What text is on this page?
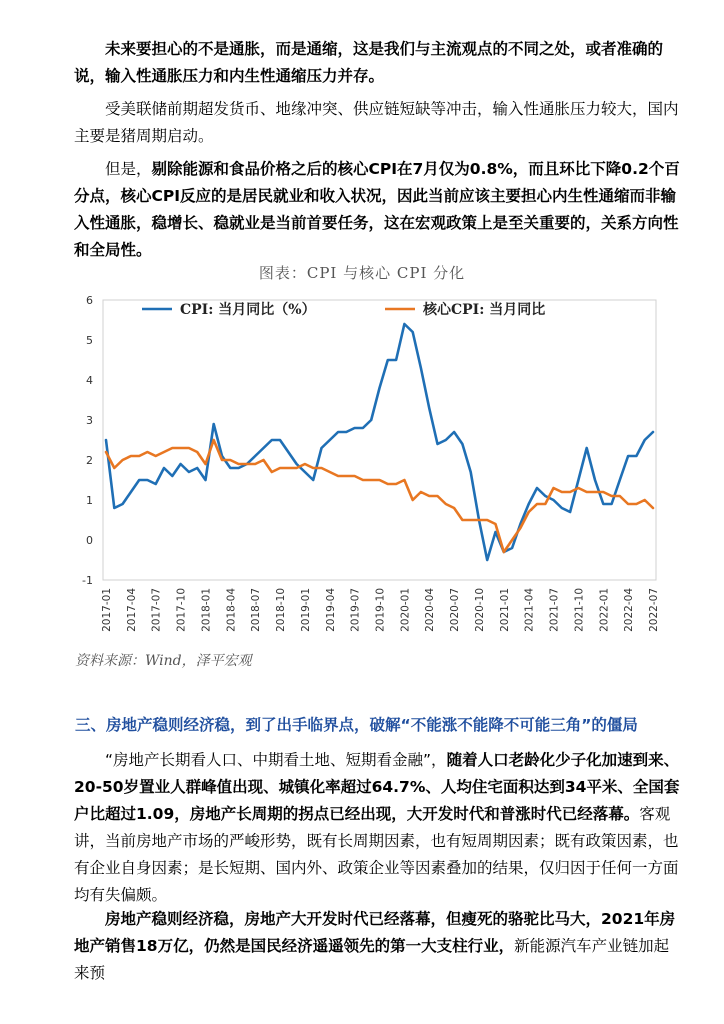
未来要担心的不是通胀，而是通缩，这是我们与主流观点的不同之处，或者准确的说，输入性通胀压力和内生性通缩压力并存。

受美联储前期超发货币、地缘冲突、供应链短缺等冲击，输入性通胀压力较大，国内主要是猪周期启动。

但是，剔除能源和食品价格之后的核心CPI在7月仅为0.8%，而且环比下降0.2个百分点，核心CPI反应的是居民就业和收入状况，因此当前应该主要担心内生性通缩而非输入性通胀，稳增长、稳就业是当前首要任务，这在宏观政策上是至关重要的，关系方向性和全局性。

图表：CPI 与核心 CPI 分化
-1
0
1
2
3
4
5
6
2017-01 2017-04 2017-07 2017-10 2018-01 2018-04 2018-07 2018-10 2019-01 2019-04 2019-07 2019-10 2020-01 2020-04 2020-07 2020-10 2021-01 2021-04 2021-07 2021-10 2022-01 2022-04 2022-07
CPI: 当月同比（%）	核心CPI: 当月同比
资料来源：Wind，泽平宏观
三、房地产稳则经济稳，到了出手临界点，破解“不能涨不能降不可能三角”的僵局

“房地产长期看人口、中期看土地、短期看金融”，随着人口老龄化少子化加速到来、20-50岁置业人群峰值出现、城镇化率超过64.7%、人均住宅面积达到34平米、全国套户比超过1.09，房地产长周期的拐点已经出现，大开发时代和普涨时代已经落幕。客观讲，当前房地产市场的严峻形势，既有长周期因素，也有短周期因素；既有政策因素，也有企业自身因素；是长短期、国内外、政策企业等因素叠加的结果，仅归因于任何一方面均有失偏颇。

房地产稳则经济稳，房地产大开发时代已经落幕，但瘦死的骆驼比马大，2021年房地产销售18万亿，仍然是国民经济遥遥领先的第一大支柱行业，新能源汽车产业链加起来预
